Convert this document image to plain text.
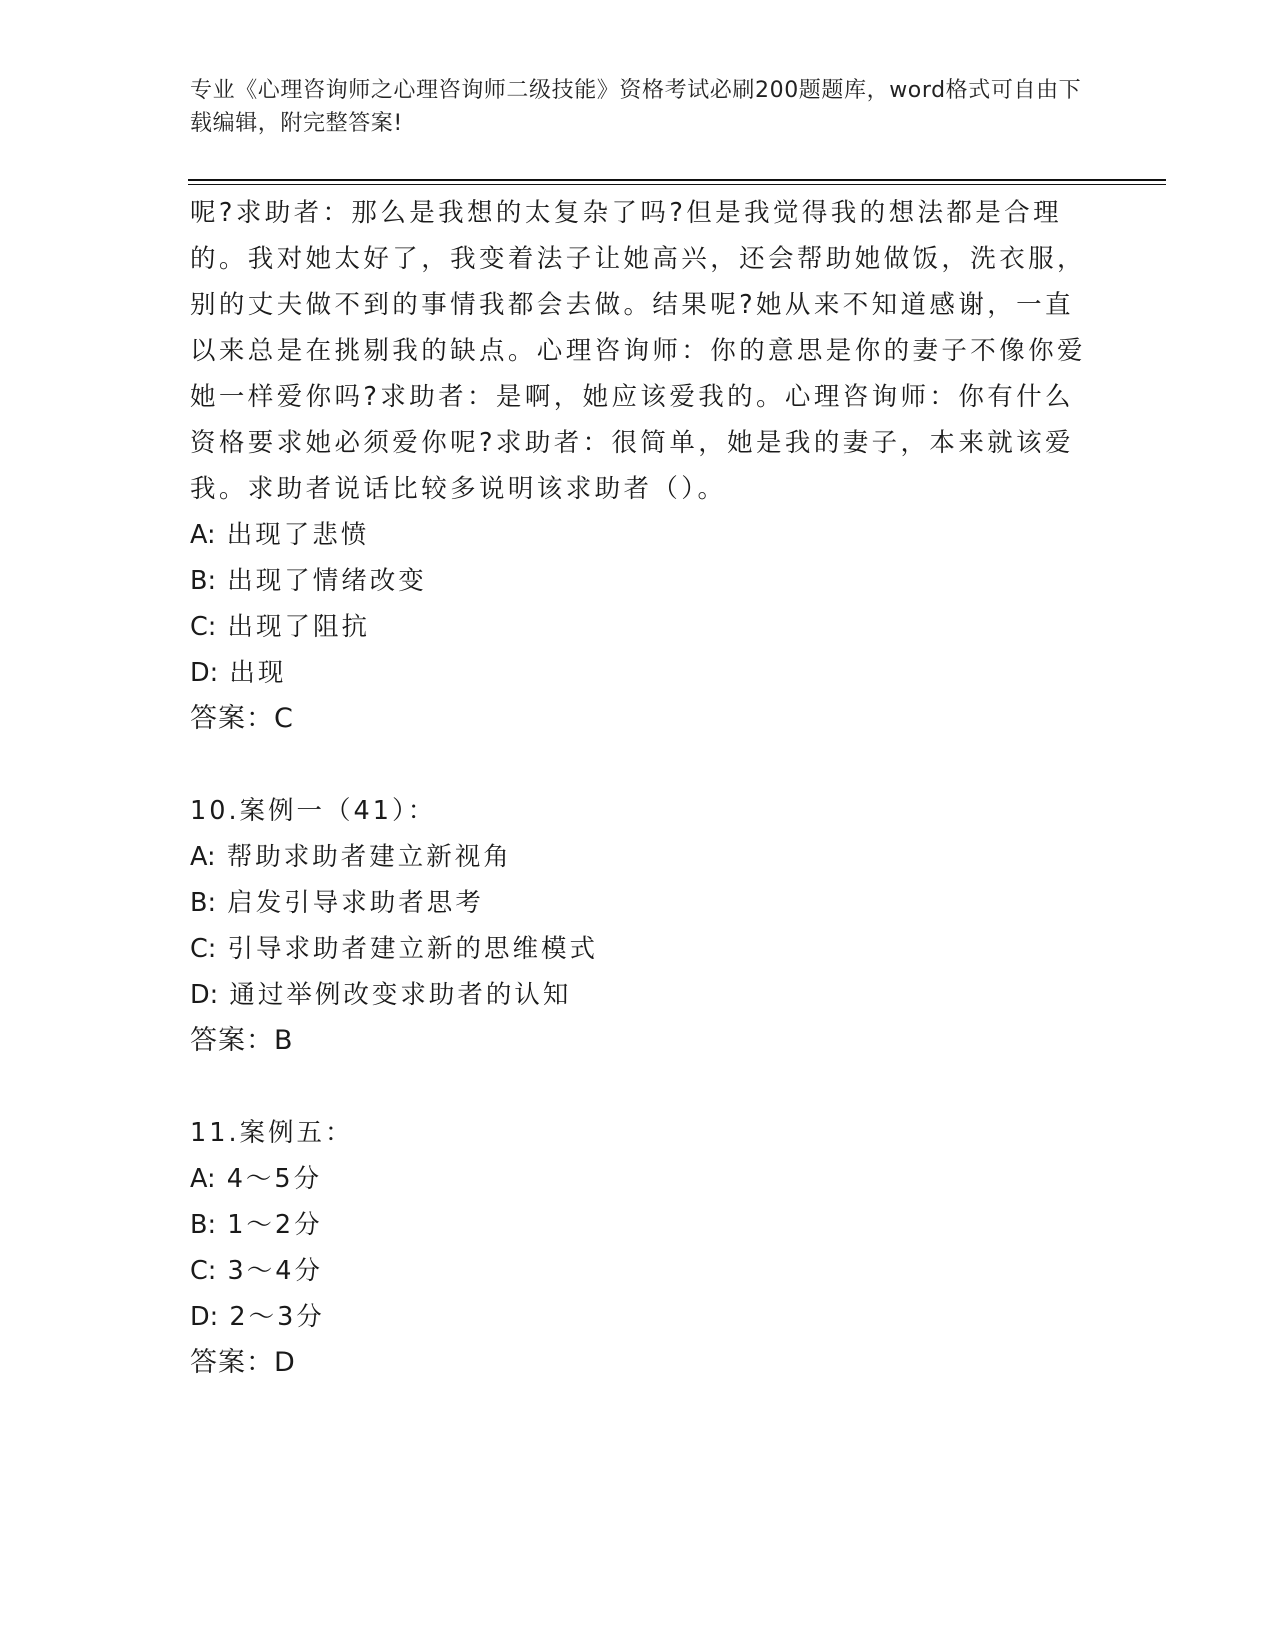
专业《心理咨询师之心理咨询师二级技能》资格考试必刷200题题库，word格式可自由下载编辑，附完整答案!

呢?求助者：那么是我想的太复杂了吗?但是我觉得我的想法都是合理的。我对她太好了，我变着法子让她高兴，还会帮助她做饭，洗衣服，别的丈夫做不到的事情我都会去做。结果呢?她从来不知道感谢，一直以来总是在挑剔我的缺点。心理咨询师：你的意思是你的妻子不像你爱她一样爱你吗?求助者：是啊，她应该爱我的。心理咨询师：你有什么资格要求她必须爱你呢?求助者：很简单，她是我的妻子，本来就该爱我。求助者说话比较多说明该求助者（）。

A: 出现了悲愤

B: 出现了情绪改变

C: 出现了阻抗

D: 出现

答案：C

10.案例一（41）：

A: 帮助求助者建立新视角

B: 启发引导求助者思考

C: 引导求助者建立新的思维模式

D: 通过举例改变求助者的认知

答案：B

11.案例五：

A: 4～5分

B: 1～2分

C: 3～4分

D: 2～3分

答案：D
